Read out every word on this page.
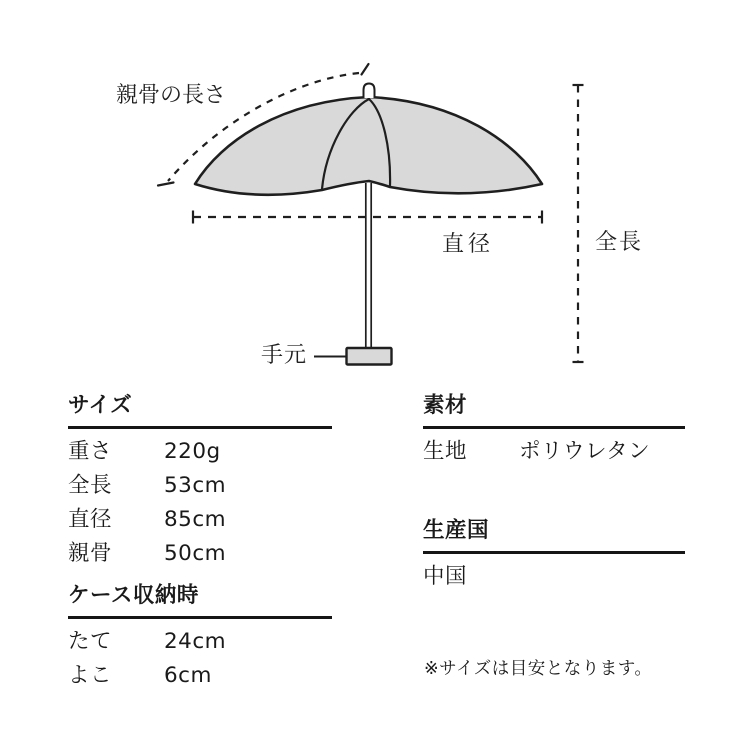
親骨の長さ
直径	全長
手元
サイズ
重さ	220g
全長	53cm
直径	85cm
親骨	50cm
ケース収納時
たて	24cm
よこ	6cm
素材
生地	ポリウレタン
生産国
中国
※サイズは目安となります。
